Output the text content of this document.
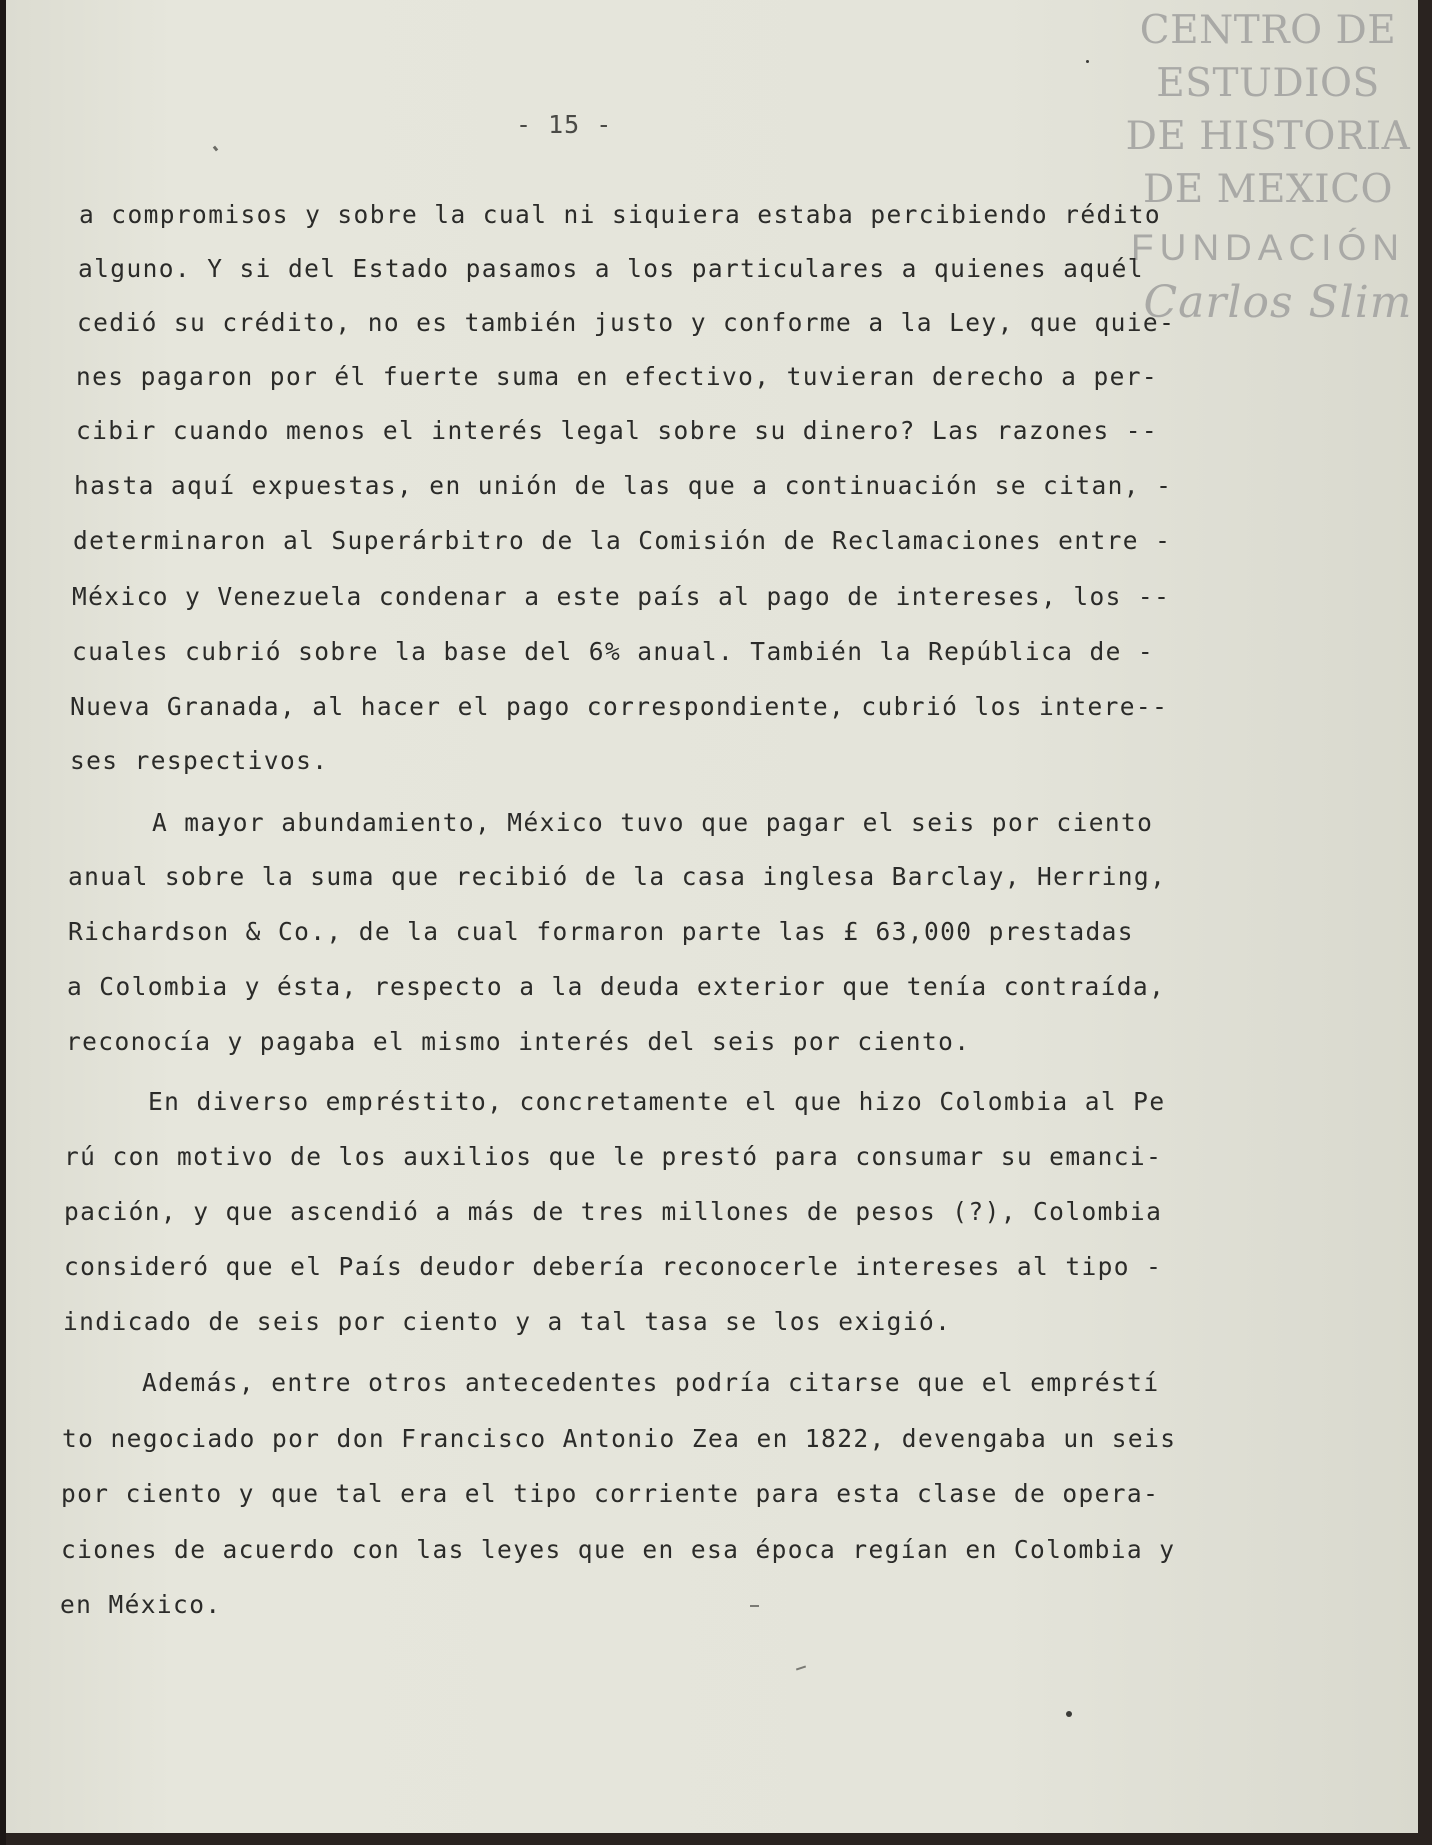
- 15 -
CENTRO DE
ESTUDIOS
DE HISTORIA
DE MEXICO
FUNDACIÓN
Carlos Slim

a compromisos y sobre la cual ni siquiera estaba percibiendo rédito

alguno. Y si del Estado pasamos a los particulares a quienes aquél

cedió su crédito, no es también justo y conforme a la Ley, que quie-

nes pagaron por él fuerte suma en efectivo, tuvieran derecho a per-

cibir cuando menos el interés legal sobre su dinero? Las razones --

hasta aquí expuestas, en unión de las que a continuación se citan, -

determinaron al Superárbitro de la Comisión de Reclamaciones entre -

México y Venezuela condenar a este país al pago de intereses, los --

cuales cubrió sobre la base del 6% anual. También la República de -

Nueva Granada, al hacer el pago correspondiente, cubrió los intere--

ses respectivos.

A mayor abundamiento, México tuvo que pagar el seis por ciento

anual sobre la suma que recibió de la casa inglesa Barclay, Herring,

Richardson & Co., de la cual formaron parte las £ 63,000 prestadas

a Colombia y ésta, respecto a la deuda exterior que tenía contraída,

reconocía y pagaba el mismo interés del seis por ciento.

En diverso empréstito, concretamente el que hizo Colombia al Pe

rú con motivo de los auxilios que le prestó para consumar su emanci-

pación, y que ascendió a más de tres millones de pesos (?), Colombia

consideró que el País deudor debería reconocerle intereses al tipo -

indicado de seis por ciento y a tal tasa se los exigió.

Además, entre otros antecedentes podría citarse que el empréstí

to negociado por don Francisco Antonio Zea en 1822, devengaba un seis

por ciento y que tal era el tipo corriente para esta clase de opera-

ciones de acuerdo con las leyes que en esa época regían en Colombia y

en México.
